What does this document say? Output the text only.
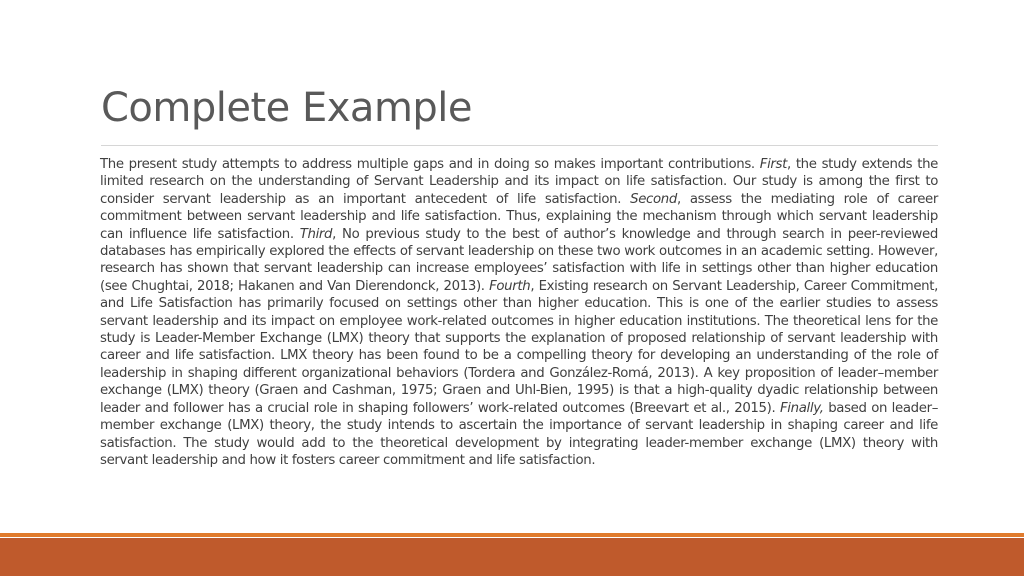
Complete Example

The present study attempts to address multiple gaps and in doing so makes important contributions. First, the study extends the limited research on the understanding of Servant Leadership and its impact on life satisfaction. Our study is among the first to consider servant leadership as an important antecedent of life satisfaction. Second, assess the mediating role of career commitment between servant leadership and life satisfaction. Thus, explaining the mechanism through which servant leadership can influence life satisfaction. Third, No previous study to the best of author’s knowledge and through search in peer-reviewed databases has empirically explored the effects of servant leadership on these two work outcomes in an academic setting. However, research has shown that servant leadership can increase employees’ satisfaction with life in settings other than higher education (see Chughtai, 2018; Hakanen and Van Dierendonck, 2013). Fourth, Existing research on Servant Leadership, Career Commitment, and Life Satisfaction has primarily focused on settings other than higher education. This is one of the earlier studies to assess servant leadership and its impact on employee work-related outcomes in higher education institutions. The theoretical lens for the study is Leader-Member Exchange (LMX) theory that supports the explanation of proposed relationship of servant leadership with career and life satisfaction. LMX theory has been found to be a compelling theory for developing an understanding of the role of leadership in shaping different organizational behaviors (Tordera and González-Romá, 2013). A key proposition of leader–member exchange (LMX) theory (Graen and Cashman, 1975; Graen and Uhl-Bien, 1995) is that a high-quality dyadic relationship between leader and follower has a crucial role in shaping followers’ work-related outcomes (Breevart et al., 2015). Finally, based on leader–member exchange (LMX) theory, the study intends to ascertain the importance of servant leadership in shaping career and life satisfaction. The study would add to the theoretical development by integrating leader-member exchange (LMX) theory with servant leadership and how it fosters career commitment and life satisfaction.
